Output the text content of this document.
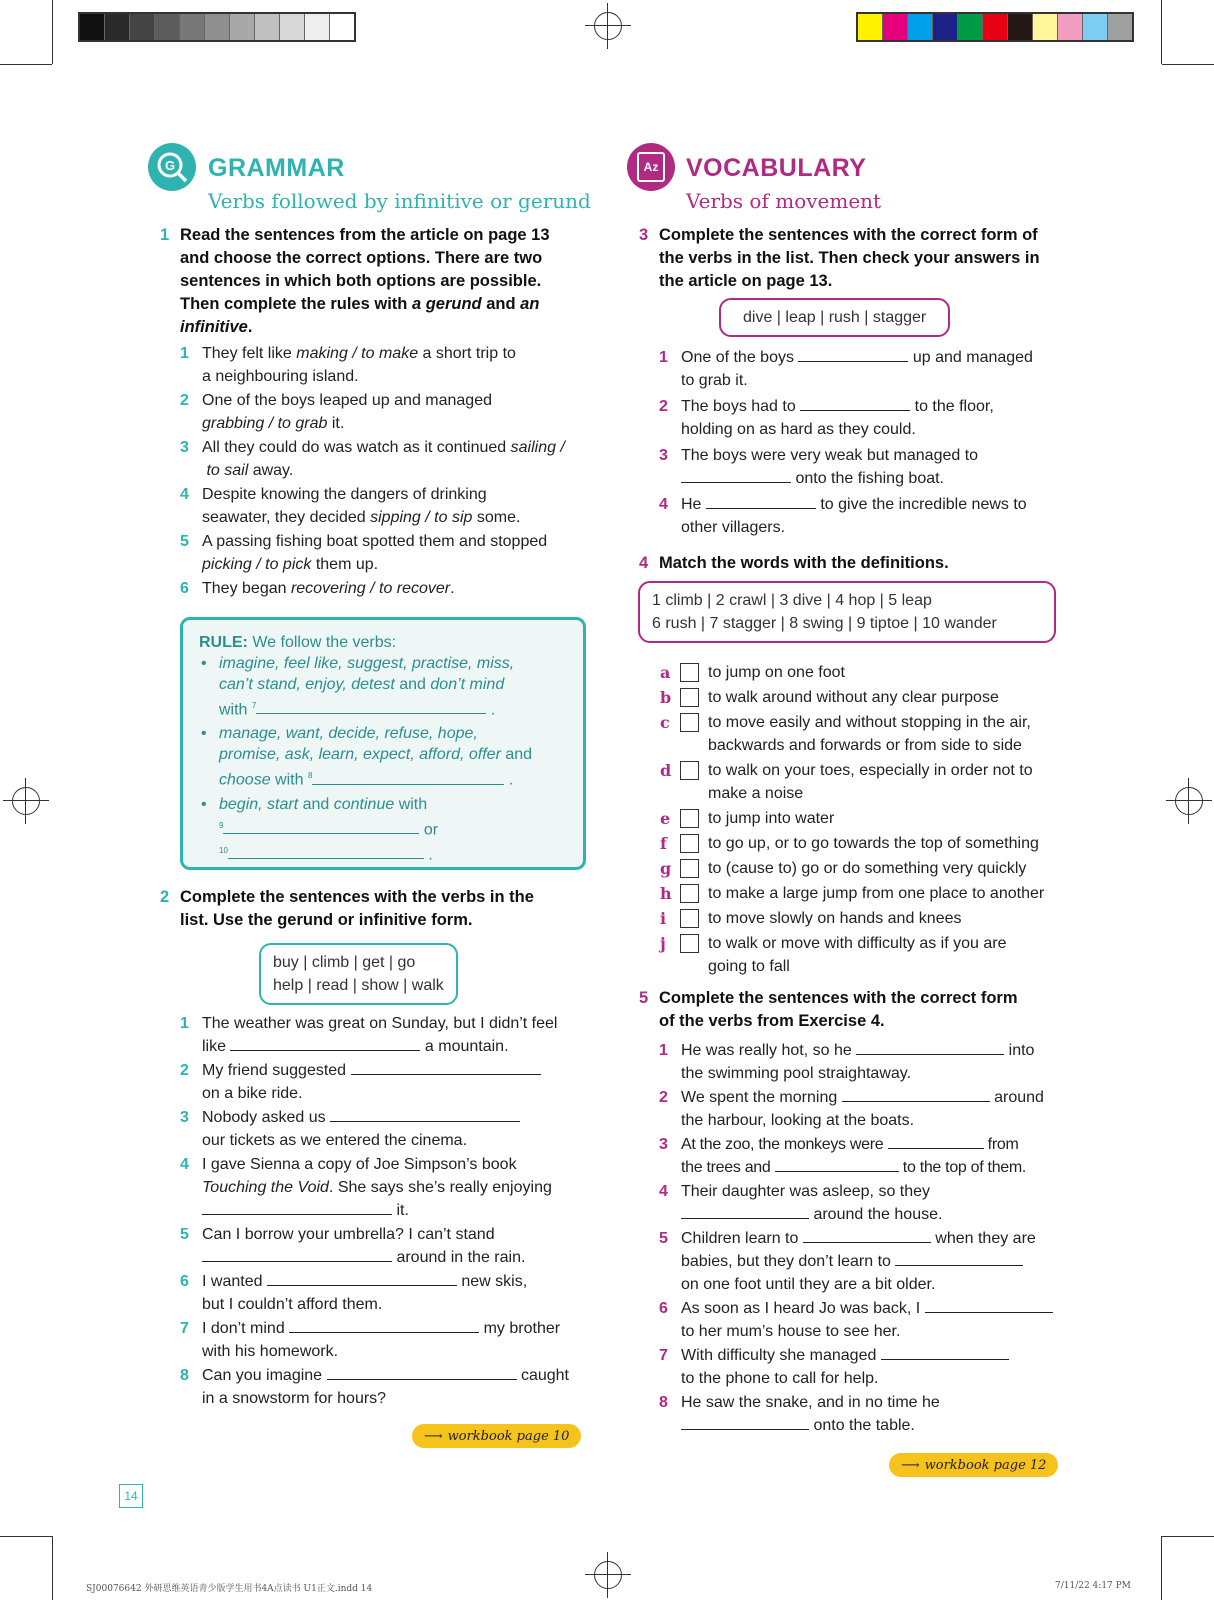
G GRAMMAR
Verbs followed by infinitive or gerund
1 Read the sentences from the article on page 13
and choose the correct options. There are two
sentences in which both options are possible.
Then complete the rules with a gerund and an
infinitive.
1 They felt like making / to make a short trip to
a neighbouring island.
2 One of the boys leaped up and managed
grabbing / to grab it.
3 All they could do was watch as it continued sailing /
to sail away.
4 Despite knowing the dangers of drinking
seawater, they decided sipping / to sip some.
5 A passing fishing boat spotted them and stopped
picking / to pick them up.
6 They began recovering / to recover.
RULE: We follow the verbs:
• imagine, feel like, suggest, practise, miss,
can’t stand, enjoy, detest and don’t mind
with $^7$	.
• manage, want, decide, refuse, hope,
promise, ask, learn, expect, afford, offer and
choose with $^8$	.
• begin, start and continue with
$^9$	or
$^{10}$	.
2 Complete the sentences with the verbs in the
list. Use the gerund or infinitive form.
buy | climb | get | go
help | read | show | walk
1 The weather was great on Sunday, but I didn’t feel
like	a mountain.
2 My friend suggested
on a bike ride.
3 Nobody asked us
our tickets as we entered the cinema.
4 I gave Sienna a copy of Joe Simpson’s book
Touching the Void. She says she’s really enjoying
it.
5 Can I borrow your umbrella? I can’t stand
around in the rain.
6 I wanted	new skis,
but I couldn’t afford them.
7 I don’t mind	my brother
with his homework.
8 Can you imagine	caught
in a snowstorm for hours?
⟶ workbook page 10
Az VOCABULARY
Verbs of movement
3 Complete the sentences with the correct form of
the verbs in the list. Then check your answers in
the article on page 13.
dive | leap | rush | stagger
1 One of the boys	up and managed
to grab it.
2 The boys had to	to the floor,
holding on as hard as they could.
3 The boys were very weak but managed to
onto the fishing boat.
4 He	to give the incredible news to
other villagers.
4 Match the words with the definitions.
1 climb | 2 crawl | 3 dive | 4 hop | 5 leap
6 rush | 7 stagger | 8 swing | 9 tiptoe | 10 wander
a to jump on one foot
b to walk around without any clear purpose
c to move easily and without stopping in the air,
backwards and forwards or from side to side
d to walk on your toes, especially in order not to
make a noise
e to jump into water
f	to go up, or to go towards the top of something
g to (cause to) go or do something very quickly
h to make a large jump from one place to another
i	to move slowly on hands and knees
j	to walk or move with difficulty as if you are
going to fall
5 Complete the sentences with the correct form
of the verbs from Exercise 4.
1 He was really hot, so he	into
the swimming pool straightaway.
2 We spent the morning	around
the harbour, looking at the boats.
3 At the zoo, the monkeys were	from
the trees and	to the top of them.
4 Their daughter was asleep, so they
around the house.
5 Children learn to	when they are
babies, but they don’t learn to
on one foot until they are a bit older.
6 As soon as I heard Jo was back, I
to her mum’s house to see her.
7 With difficulty she managed
to the phone to call for help.
8 He saw the snake, and in no time he
onto the table.
⟶ workbook page 12
14
SJ00076642 外研思维英语青少版学生用书4A点读书 U1正文.indd 14	7/11/22 4:17 PM
